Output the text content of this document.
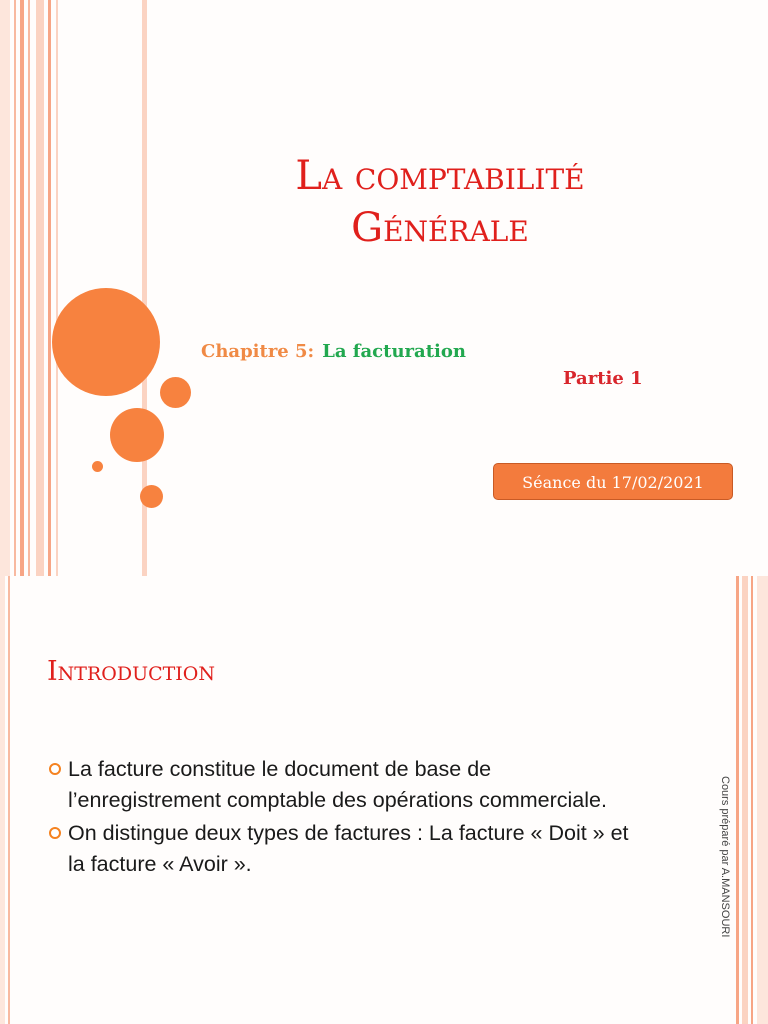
La comptabilité
Générale
Chapitre 5: La facturation
Partie 1
Séance du 17/02/2021
Introduction
La facture constitue le document de base de l’enregistrement comptable des opérations commerciale.
On distingue deux types de factures : La facture « Doit » et la facture « Avoir ».	Cours préparé par A.MANSOURI
